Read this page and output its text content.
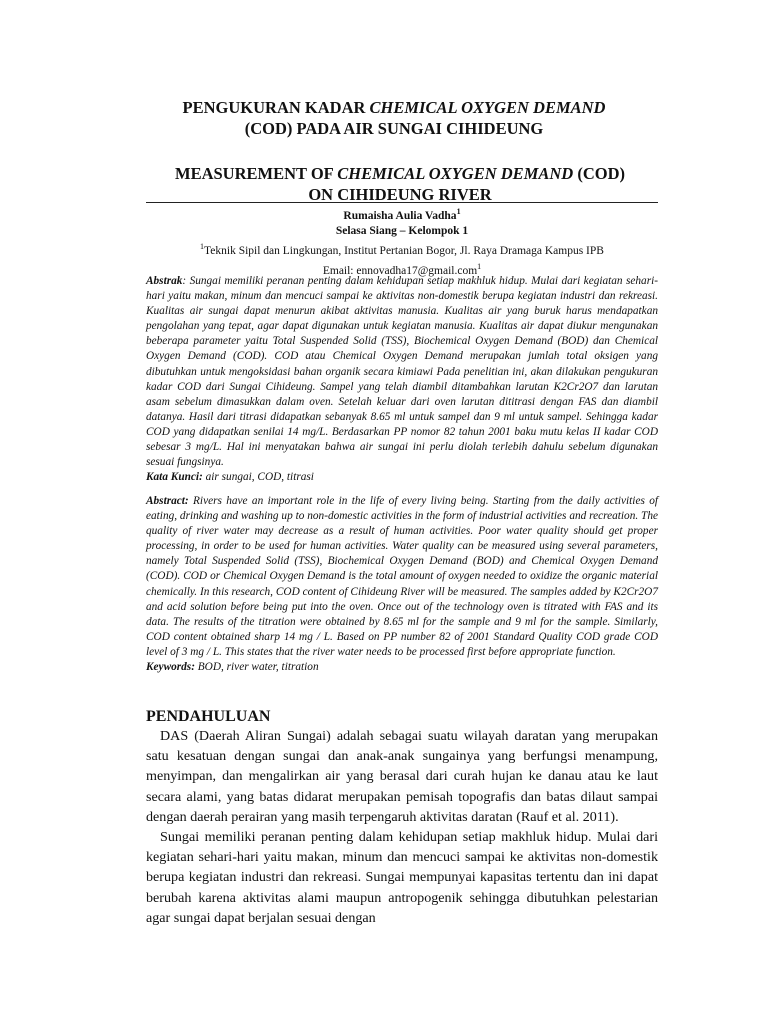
PENGUKURAN KADAR CHEMICAL OXYGEN DEMAND
(COD) PADA AIR SUNGAI CIHIDEUNG
MEASUREMENT OF CHEMICAL OXYGEN DEMAND (COD)
ON CIHIDEUNG RIVER
Rumaisha Aulia Vadha$^1$
Selasa Siang – Kelompok 1
$^1$Teknik Sipil dan Lingkungan, Institut Pertanian Bogor, Jl. Raya Dramaga Kampus IPB
Email: ennovadha17@gmail.com$^1$
Abstrak: Sungai memiliki peranan penting dalam kehidupan setiap makhluk hidup. Mulai dari kegiatan sehari-hari yaitu makan, minum dan mencuci sampai ke aktivitas non-domestik berupa kegiatan industri dan rekreasi. Kualitas air sungai dapat menurun akibat aktivitas manusia. Kualitas air yang buruk harus mendapatkan pengolahan yang tepat, agar dapat digunakan untuk kegiatan manusia. Kualitas air dapat diukur mengunakan beberapa parameter yaitu Total Suspended Solid (TSS), Biochemical Oxygen Demand (BOD) dan Chemical Oxygen Demand (COD). COD atau Chemical Oxygen Demand merupakan jumlah total oksigen yang dibutuhkan untuk mengoksidasi bahan organik secara kimiawi Pada penelitian ini, akan dilakukan pengukuran kadar COD dari Sungai Cihideung. Sampel yang telah diambil ditambahkan larutan K2Cr2O7 dan larutan asam sebelum dimasukkan dalam oven. Setelah keluar dari oven larutan dititrasi dengan FAS dan diambil datanya. Hasil dari titrasi didapatkan sebanyak 8.65 ml untuk sampel dan 9 ml untuk sampel. Sehingga kadar COD yang didapatkan senilai 14 mg/L. Berdasarkan PP nomor 82 tahun 2001 baku mutu kelas II kadar COD sebesar 3 mg/L. Hal ini menyatakan bahwa air sungai ini perlu diolah terlebih dahulu sebelum digunakan sesuai fungsinya.
Kata Kunci: air sungai, COD, titrasi
Abstract: Rivers have an important role in the life of every living being. Starting from the daily activities of eating, drinking and washing up to non-domestic activities in the form of industrial activities and recreation. The quality of river water may decrease as a result of human activities. Poor water quality should get proper processing, in order to be used for human activities. Water quality can be measured using several parameters, namely Total Suspended Solid (TSS), Biochemical Oxygen Demand (BOD) and Chemical Oxygen Demand (COD). COD or Chemical Oxygen Demand is the total amount of oxygen needed to oxidize the organic material chemically. In this research, COD content of Cihideung River will be measured. The samples added by K2Cr2O7 and acid solution before being put into the oven. Once out of the technology oven is titrated with FAS and its data. The results of the titration were obtained by 8.65 ml for the sample and 9 ml for the sample. Similarly, COD content obtained sharp 14 mg / L. Based on PP number 82 of 2001 Standard Quality COD grade COD level of 3 mg / L. This states that the river water needs to be processed first before appropriate function.
Keywords: BOD, river water, titration
PENDAHULUAN

DAS (Daerah Aliran Sungai) adalah sebagai suatu wilayah daratan yang merupakan satu kesatuan dengan sungai dan anak-anak sungainya yang berfungsi menampung, menyimpan, dan mengalirkan air yang berasal dari curah hujan ke danau atau ke laut secara alami, yang batas didarat merupakan pemisah topografis dan batas dilaut sampai dengan daerah perairan yang masih terpengaruh aktivitas daratan (Rauf et al. 2011).

Sungai memiliki peranan penting dalam kehidupan setiap makhluk hidup. Mulai dari kegiatan sehari-hari yaitu makan, minum dan mencuci sampai ke aktivitas non-domestik berupa kegiatan industri dan rekreasi. Sungai mempunyai kapasitas tertentu dan ini dapat berubah karena aktivitas alami maupun antropogenik sehingga dibutuhkan pelestarian agar sungai dapat berjalan sesuai dengan
